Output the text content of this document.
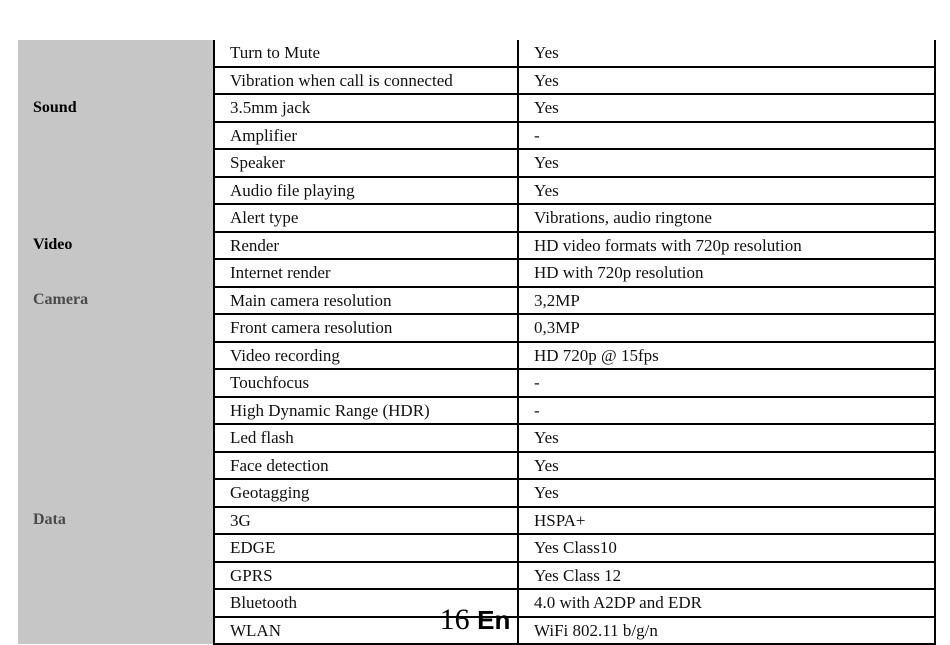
	Turn to Mute	Yes
	Vibration when call is connected	Yes
Sound	3.5mm jack	Yes
	Amplifier	-
	Speaker	Yes
	Audio file playing	Yes
	Alert type	Vibrations, audio ringtone
Video	Render	HD video formats with 720p resolution
	Internet render	HD with 720p resolution
Camera	Main camera resolution	3,2MP
	Front camera resolution	0,3MP
	Video recording	HD 720p @ 15fps
	Touchfocus	-
	High Dynamic Range (HDR)	-
	Led flash	Yes
	Face detection	Yes
	Geotagging	Yes
Data	3G	HSPA+
	EDGE	Yes Class10
	GPRS	Yes Class 12
	Bluetooth	4.0 with A2DP and EDR
	WLAN	WiFi 802.11 b/g/n
16 En
